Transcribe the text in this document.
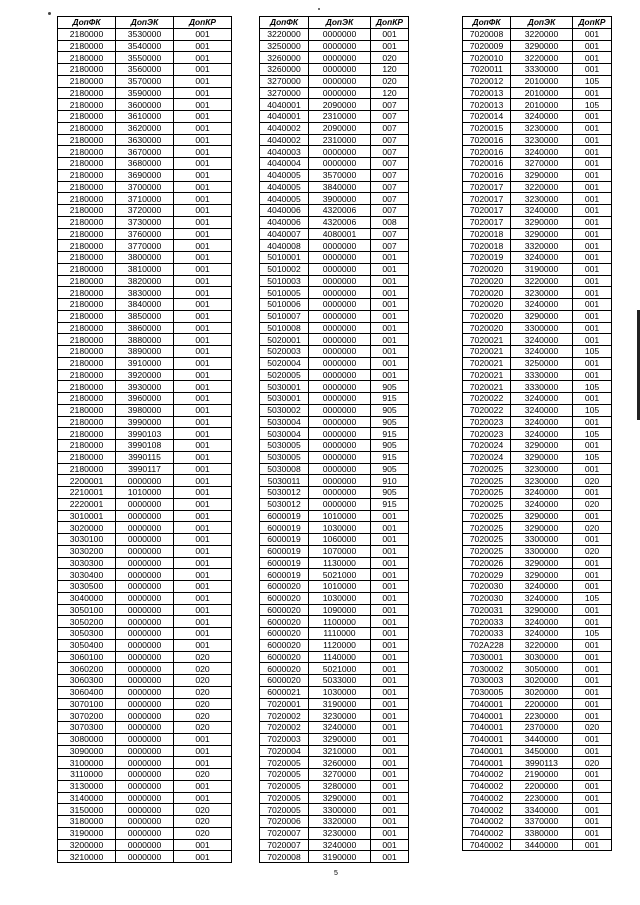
ДопФК	ДопЭК	ДопКР
2180000	3530000	001
2180000	3540000	001
2180000	3550000	001
2180000	3560000	001
2180000	3570000	001
2180000	3590000	001
2180000	3600000	001
2180000	3610000	001
2180000	3620000	001
2180000	3630000	001
2180000	3670000	001
2180000	3680000	001
2180000	3690000	001
2180000	3700000	001
2180000	3710000	001
2180000	3720000	001
2180000	3730000	001
2180000	3760000	001
2180000	3770000	001
2180000	3800000	001
2180000	3810000	001
2180000	3820000	001
2180000	3830000	001
2180000	3840000	001
2180000	3850000	001
2180000	3860000	001
2180000	3880000	001
2180000	3890000	001
2180000	3910000	001
2180000	3920000	001
2180000	3930000	001
2180000	3960000	001
2180000	3980000	001
2180000	3990000	001
2180000	3990103	001
2180000	3990108	001
2180000	3990115	001
2180000	3990117	001
2200001	0000000	001
2210001	1010000	001
2220001	0000000	001
3010001	0000000	001
3020000	0000000	001
3030100	0000000	001
3030200	0000000	001
3030300	0000000	001
3030400	0000000	001
3030500	0000000	001
3040000	0000000	001
3050100	0000000	001
3050200	0000000	001
3050300	0000000	001
3050400	0000000	001
3060100	0000000	020
3060200	0000000	020
3060300	0000000	020
3060400	0000000	020
3070100	0000000	020
3070200	0000000	020
3070300	0000000	020
3080000	0000000	001
3090000	0000000	001
3100000	0000000	001
3110000	0000000	020
3130000	0000000	001
3140000	0000000	001
3150000	0000000	020
3180000	0000000	020
3190000	0000000	020
3200000	0000000	001
3210000	0000000	001
ДопФК	ДопЭК	ДопКР
3220000	0000000	001
3250000	0000000	001
3260000	0000000	020
3260000	0000000	120
3270000	0000000	020
3270000	0000000	120
4040001	2090000	007
4040001	2310000	007
4040002	2090000	007
4040002	2310000	007
4040003	0000000	007
4040004	0000000	007
4040005	3570000	007
4040005	3840000	007
4040005	3900000	007
4040006	4320006	007
4040006	4320006	008
4040007	4080001	007
4040008	0000000	007
5010001	0000000	001
5010002	0000000	001
5010003	0000000	001
5010005	0000000	001
5010006	0000000	001
5010007	0000000	001
5010008	0000000	001
5020001	0000000	001
5020003	0000000	001
5020004	0000000	001
5020005	0000000	001
5030001	0000000	905
5030001	0000000	915
5030002	0000000	905
5030004	0000000	905
5030004	0000000	915
5030005	0000000	905
5030005	0000000	915
5030008	0000000	905
5030011	0000000	910
5030012	0000000	905
5030012	0000000	915
6000019	1010000	001
6000019	1030000	001
6000019	1060000	001
6000019	1070000	001
6000019	1130000	001
6000019	5021000	001
6000020	1010000	001
6000020	1030000	001
6000020	1090000	001
6000020	1100000	001
6000020	1110000	001
6000020	1120000	001
6000020	1140000	001
6000020	5021000	001
6000020	5033000	001
6000021	1030000	001
7020001	3190000	001
7020002	3230000	001
7020002	3240000	001
7020003	3290000	001
7020004	3210000	001
7020005	3260000	001
7020005	3270000	001
7020005	3280000	001
7020005	3290000	001
7020005	3300000	001
7020006	3320000	001
7020007	3230000	001
7020007	3240000	001
7020008	3190000	001
ДопФК	ДопЭК	ДопКР
7020008	3220000	001
7020009	3290000	001
7020010	3220000	001
7020011	3330000	001
7020012	2010000	105
7020013	2010000	001
7020013	2010000	105
7020014	3240000	001
7020015	3230000	001
7020016	3230000	001
7020016	3240000	001
7020016	3270000	001
7020016	3290000	001
7020017	3220000	001
7020017	3230000	001
7020017	3240000	001
7020017	3290000	001
7020018	3290000	001
7020018	3320000	001
7020019	3240000	001
7020020	3190000	001
7020020	3220000	001
7020020	3230000	001
7020020	3240000	001
7020020	3290000	001
7020020	3300000	001
7020021	3240000	001
7020021	3240000	105
7020021	3250000	001
7020021	3330000	001
7020021	3330000	105
7020022	3240000	001
7020022	3240000	105
7020023	3240000	001
7020023	3240000	105
7020024	3290000	001
7020024	3290000	105
7020025	3230000	001
7020025	3230000	020
7020025	3240000	001
7020025	3240000	020
7020025	3290000	001
7020025	3290000	020
7020025	3300000	001
7020025	3300000	020
7020026	3290000	001
7020029	3290000	001
7020030	3240000	001
7020030	3240000	105
7020031	3290000	001
7020033	3240000	001
7020033	3240000	105
702A228	3220000	001
7030001	3030000	001
7030002	3050000	001
7030003	3020000	001
7030005	3020000	001
7040001	2200000	001
7040001	2230000	001
7040001	2370000	020
7040001	3440000	001
7040001	3450000	001
7040001	3990113	020
7040002	2190000	001
7040002	2200000	001
7040002	2230000	001
7040002	3340000	001
7040002	3370000	001
7040002	3380000	001
7040002	3440000	001
5
